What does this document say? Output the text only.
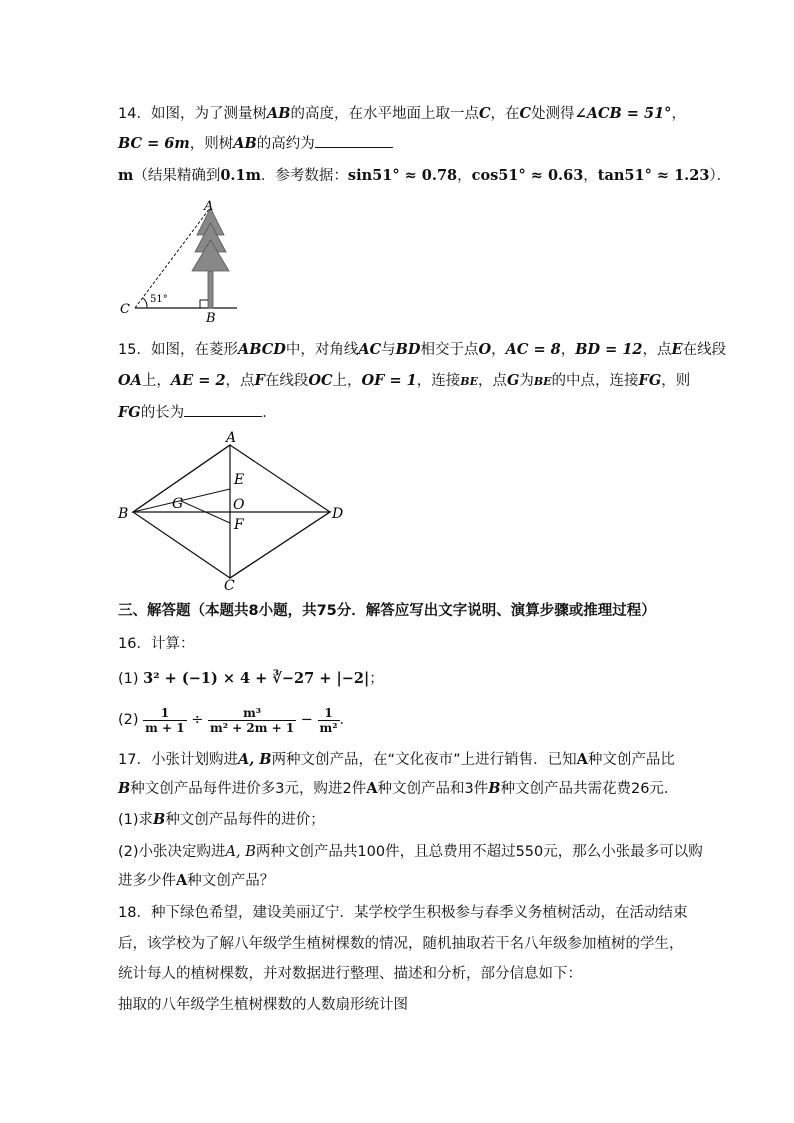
14．如图，为了测量树AB的高度，在水平地面上取一点C，在C处测得∠ACB = 51°，
BC = 6m，则树AB的高约为
m（结果精确到0.1m．参考数据：sin51° ≈ 0.78，cos51° ≈ 0.63，tan51° ≈ 1.23）．
A
B
C
51°
15．如图，在菱形ABCD中，对角线AC与BD相交于点O，AC = 8，BD = 12，点E在线段
OA上，AE = 2，点F在线段OC上，OF = 1，连接BE，点G为BE的中点，连接FG，则
FG的长为	．
A
B
C
D
E
F
G	O
三、解答题（本题共8小题，共75分．解答应写出文字说明、演算步骤或推理过程）
16．计算：
(1) 3² + (−1) × 4 + ∛−27 + |−2|；
$(2) \frac{1}{m + 1} \div \frac{\text{m³}}{\text{m² + 2m + 1}} - \frac{1}{\text{m²}}$ ．
17．小张计划购进A, B两种文创产品，在“文化夜市”上进行销售．已知A种文创产品比
B种文创产品每件进价多3元，购进2件A种文创产品和3件B种文创产品共需花费26元．
(1)求B种文创产品每件的进价；
(2)小张决定购进A, B两种文创产品共100件，且总费用不超过550元，那么小张最多可以购
进多少件A种文创产品？
18．种下绿色希望，建设美丽辽宁．某学校学生积极参与春季义务植树活动，在活动结束
后，该学校为了解八年级学生植树棵数的情况，随机抽取若干名八年级参加植树的学生，
统计每人的植树棵数，并对数据进行整理、描述和分析，部分信息如下：
抽取的八年级学生植树棵数的人数扇形统计图
